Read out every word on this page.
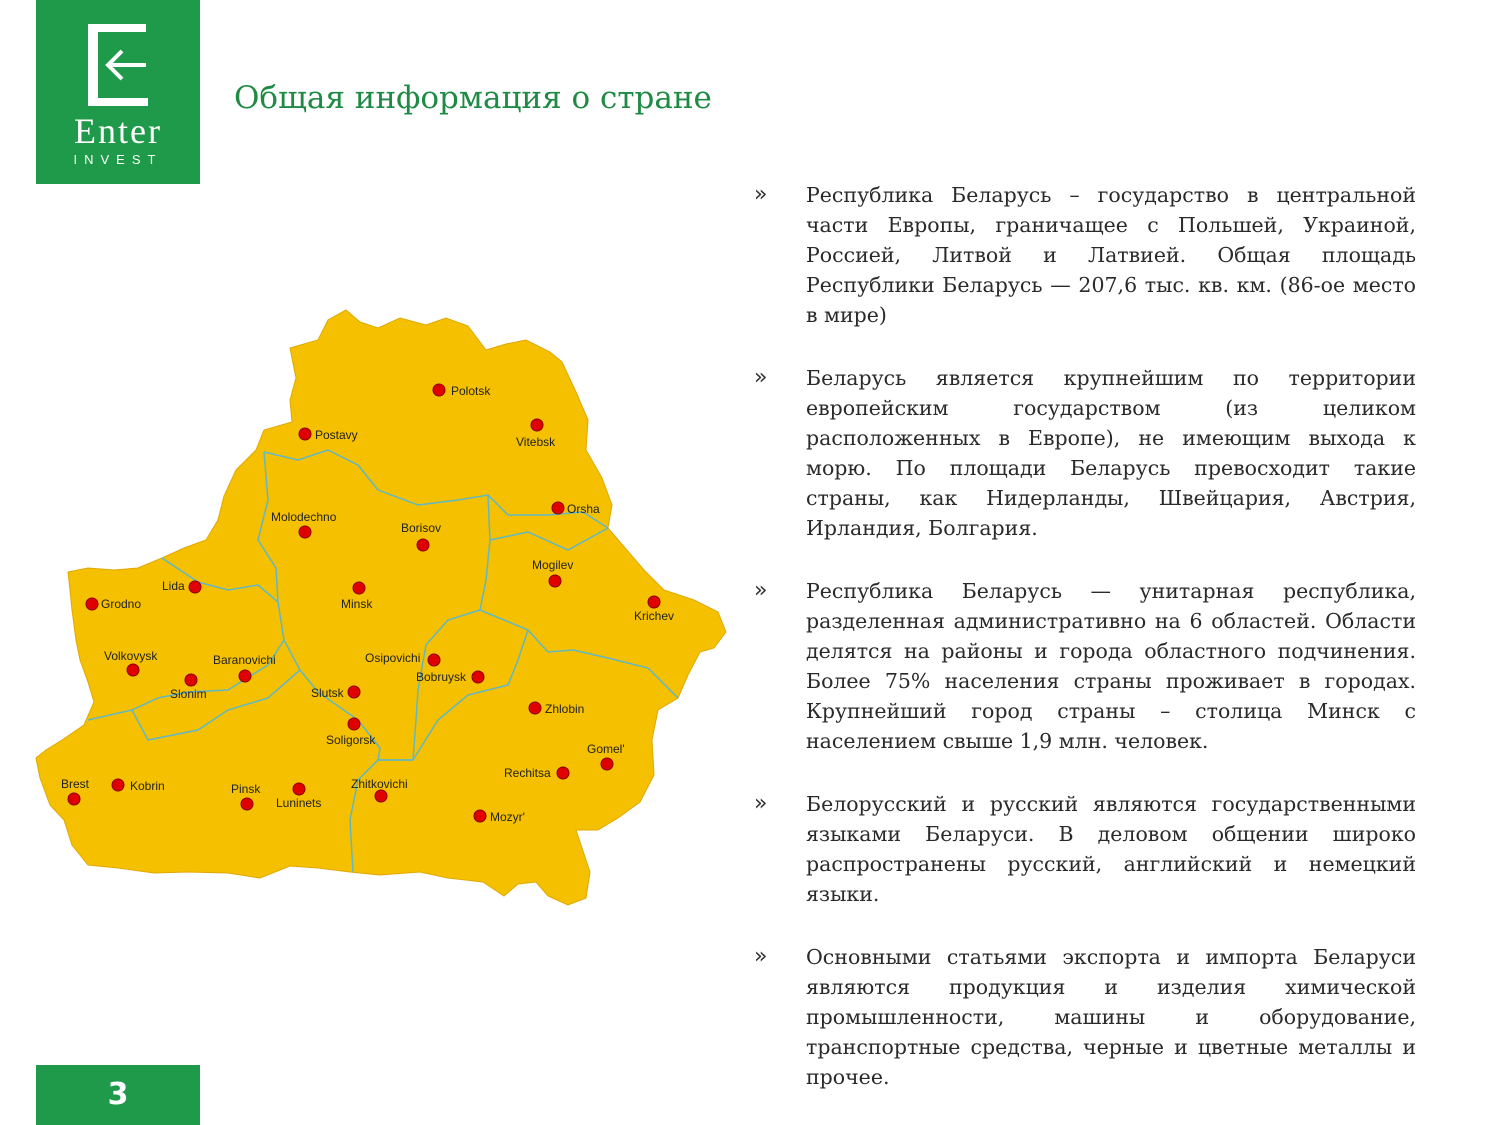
Enter
INVEST
Общая информация о стране
Polotsk
Postavy	Vitebsk
Orsha
Molodechno
Borisov
Mogilev
Lida
Grodno	Minsk
Krichev
Volkovysk	Baranovichi	Osipovichi
Slonim
Bobruysk
Slutsk
Zhlobin
Soligorsk
Gomel'
Brest	Kobrin	Pinsk	Zhitkovichi
Rechitsa
Luninets
Mozyr'
» Республика Беларусь – государство в центральной части Европы, граничащее с Польшей, Украиной, Россией, Литвой и Латвией. Общая площадь Республики Беларусь — 207,6 тыс. кв. км. (86-ое место в мире)

» Беларусь является крупнейшим по территории европейским государством (из целиком расположенных в Европе), не имеющим выхода к морю. По площади Беларусь превосходит такие страны, как Нидерланды, Швейцария, Австрия, Ирландия, Болгария.

» Республика Беларусь — унитарная республика, разделенная административно на 6 областей. Области делятся на районы и города областного подчинения. Более 75% населения страны проживает в городах. Крупнейший город страны – столица Минск с населением свыше 1,9 млн. человек.

» Белорусский и русский являются государственными языками Беларуси. В деловом общении широко распространены русский, английский и немецкий языки.

» Основными статьями экспорта и импорта Беларуси являются продукция и изделия химической промышленности, машины и оборудование, транспортные средства, черные и цветные металлы и прочее.

3
